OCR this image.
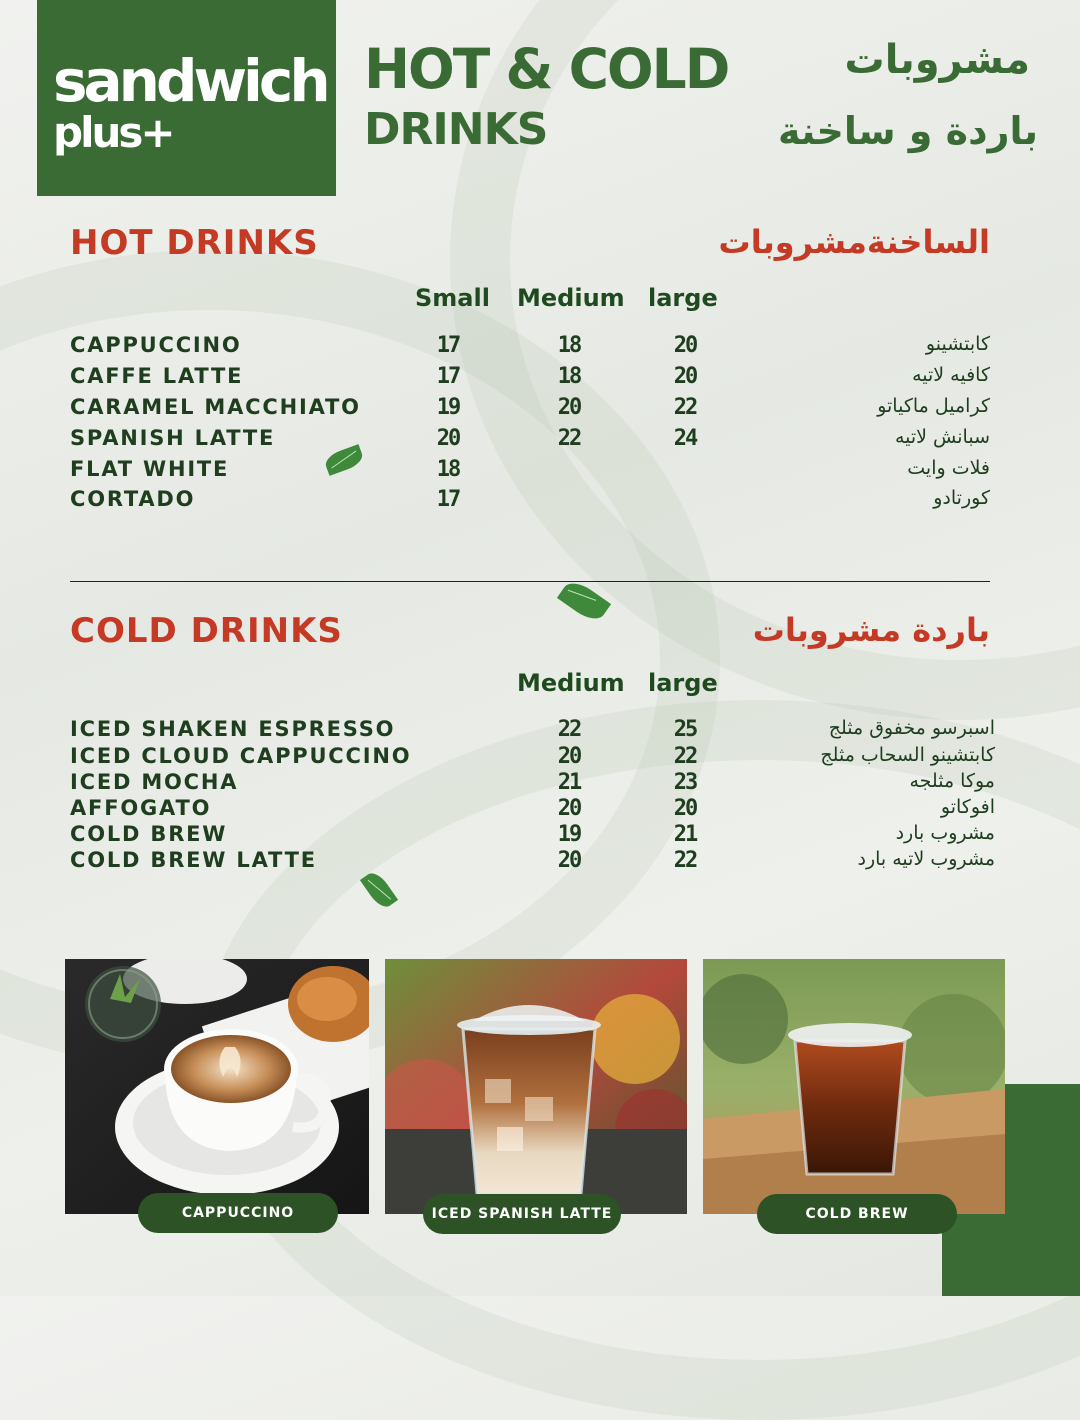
sandwich
plus+
HOT & COLD
DRINKS
مشروبات
باردة و ساخنة
HOT DRINKS	الساخنةمشروبات
Small Medium large
CAPPUCCINO	17	18	20	كابتشينو
CAFFE LATTE	17	18	20	كافيه لاتيه
CARAMEL MACCHIATO	19	20	22	كراميل ماكياتو
SPANISH LATTE	20	22	24	سبانش لاتيه
FLAT WHITE	18	فلات وايت
CORTADO	17	كورتادو
COLD DRINKS	باردة مشروبات
Medium large
ICED SHAKEN ESPRESSO	22	25	اسبرسو مخفوق مثلج
ICED CLOUD CAPPUCCINO	20	22	كابتشينو السحاب مثلج
ICED MOCHA	21	23	موكا مثلجه
AFFOGATO	20	20	افوكاتو
COLD BREW	19	21	مشروب بارد
COLD BREW LATTE	20	22	مشروب لاتيه بارد
CAPPUCCINO	ICED SPANISH LATTE	COLD BREW
